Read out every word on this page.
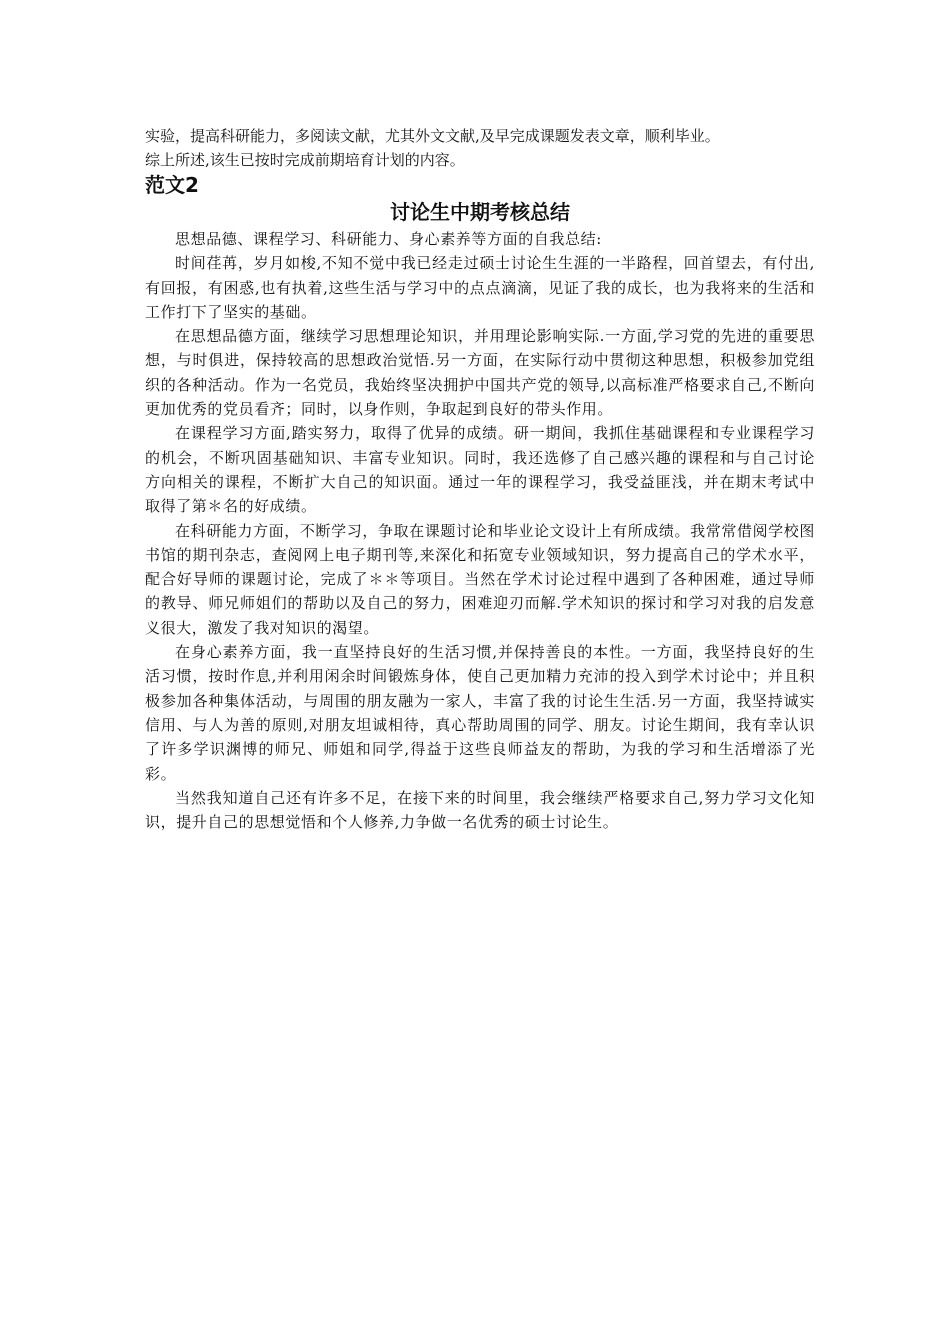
实验，提高科研能力，多阅读文献，尤其外文文献,及早完成课题发表文章，顺利毕业。

综上所述,该生已按时完成前期培育计划的内容。

范文2

讨论生中期考核总结

思想品德、课程学习、科研能力、身心素养等方面的自我总结:

时间荏苒，岁月如梭,不知不觉中我已经走过硕士讨论生生涯的一半路程，回首望去，有付出,有回报，有困惑,也有执着,这些生活与学习中的点点滴滴，见证了我的成长，也为我将来的生活和工作打下了坚实的基础。

在思想品德方面，继续学习思想理论知识，并用理论影响实际.一方面,学习党的先进的重要思想，与时俱进，保持较高的思想政治觉悟.另一方面，在实际行动中贯彻这种思想，积极参加党组织的各种活动。作为一名党员，我始终坚决拥护中国共产党的领导,以高标准严格要求自己,不断向更加优秀的党员看齐；同时，以身作则，争取起到良好的带头作用。

在课程学习方面,踏实努力，取得了优异的成绩。研一期间，我抓住基础课程和专业课程学习的机会，不断巩固基础知识、丰富专业知识。同时，我还选修了自己感兴趣的课程和与自己讨论方向相关的课程，不断扩大自己的知识面。通过一年的课程学习，我受益匪浅，并在期末考试中取得了第＊名的好成绩。

在科研能力方面，不断学习，争取在课题讨论和毕业论文设计上有所成绩。我常常借阅学校图书馆的期刊杂志，查阅网上电子期刊等,来深化和拓宽专业领域知识，努力提高自己的学术水平，配合好导师的课题讨论，完成了＊＊等项目。当然在学术讨论过程中遇到了各种困难，通过导师的教导、师兄师姐们的帮助以及自己的努力，困难迎刃而解.学术知识的探讨和学习对我的启发意义很大，激发了我对知识的渴望。

在身心素养方面，我一直坚持良好的生活习惯,并保持善良的本性。一方面，我坚持良好的生活习惯，按时作息,并利用闲余时间锻炼身体，使自己更加精力充沛的投入到学术讨论中；并且积极参加各种集体活动，与周围的朋友融为一家人，丰富了我的讨论生生活.另一方面，我坚持诚实信用、与人为善的原则,对朋友坦诚相待，真心帮助周围的同学、朋友。讨论生期间，我有幸认识了许多学识渊博的师兄、师姐和同学,得益于这些良师益友的帮助，为我的学习和生活增添了光彩。

当然我知道自己还有许多不足，在接下来的时间里，我会继续严格要求自己,努力学习文化知识，提升自己的思想觉悟和个人修养,力争做一名优秀的硕士讨论生。
